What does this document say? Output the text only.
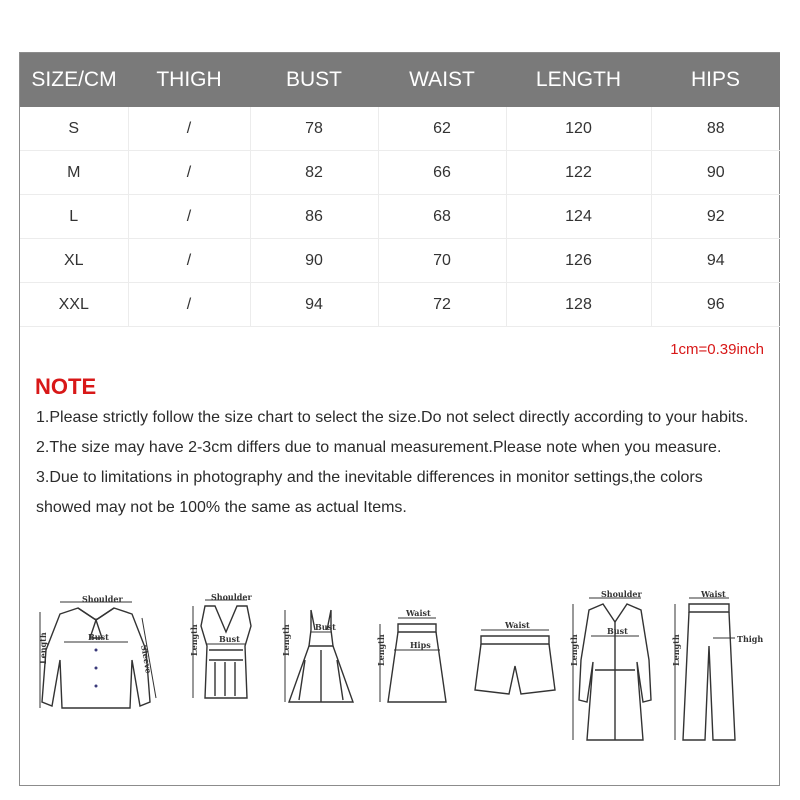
SIZE/CM	THIGH	BUST	WAIST	LENGTH	HIPS
S	/	78	62	120	88
M	/	82	66	122	90
L	/	86	68	124	92
XL	/	90	70	126	94
XXL	/	94	72	128	96
1cm=0.39inch
NOTE

1.Please strictly follow the size chart to select the size.Do not select directly according to your habits.

2.The size may have 2-3cm differs due to manual measurement.Please note when you measure.

3.Due to limitations in photography and the inevitable differences in monitor settings,the colors showed may not be 100% the same as actual Items.

Shoulder
Bust
Length	Sleeve
Shoulder
Bust
Length	Bust
Length
Waist
Hips
Length
Waist
Shoulder
Bust
Length
Waist
Thigh
Length
